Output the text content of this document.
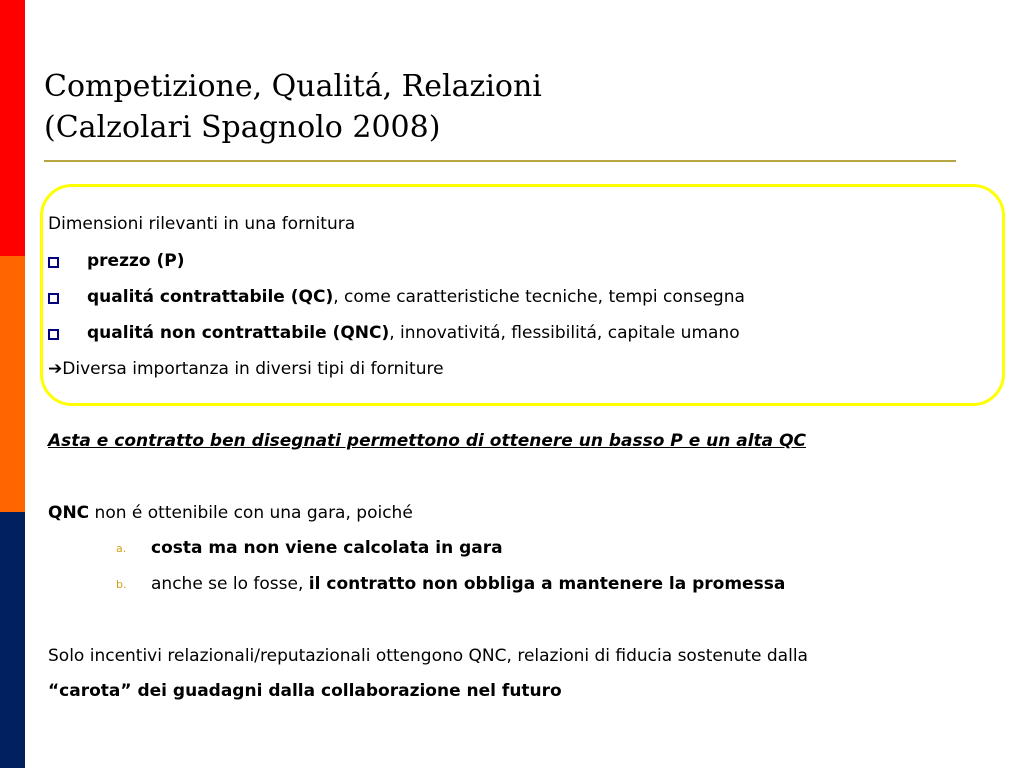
Competizione, Qualitá, Relazioni
(Calzolari Spagnolo 2008)
Dimensioni rilevanti in una fornitura
prezzo (P)
qualitá contrattabile (QC), come caratteristiche tecniche, tempi consegna
qualitá non contrattabile (QNC), innovativitá, flessibilitá, capitale umano
➔Diversa importanza in diversi tipi di forniture
Asta e contratto ben disegnati permettono di ottenere un basso P e un alta QC
QNC non é ottenibile con una gara, poiché
a. costa ma non viene calcolata in gara
b. anche se lo fosse, il contratto non obbliga a mantenere la promessa
Solo incentivi relazionali/reputazionali ottengono QNC, relazioni di fiducia sostenute dalla
“carota” dei guadagni dalla collaborazione nel futuro
